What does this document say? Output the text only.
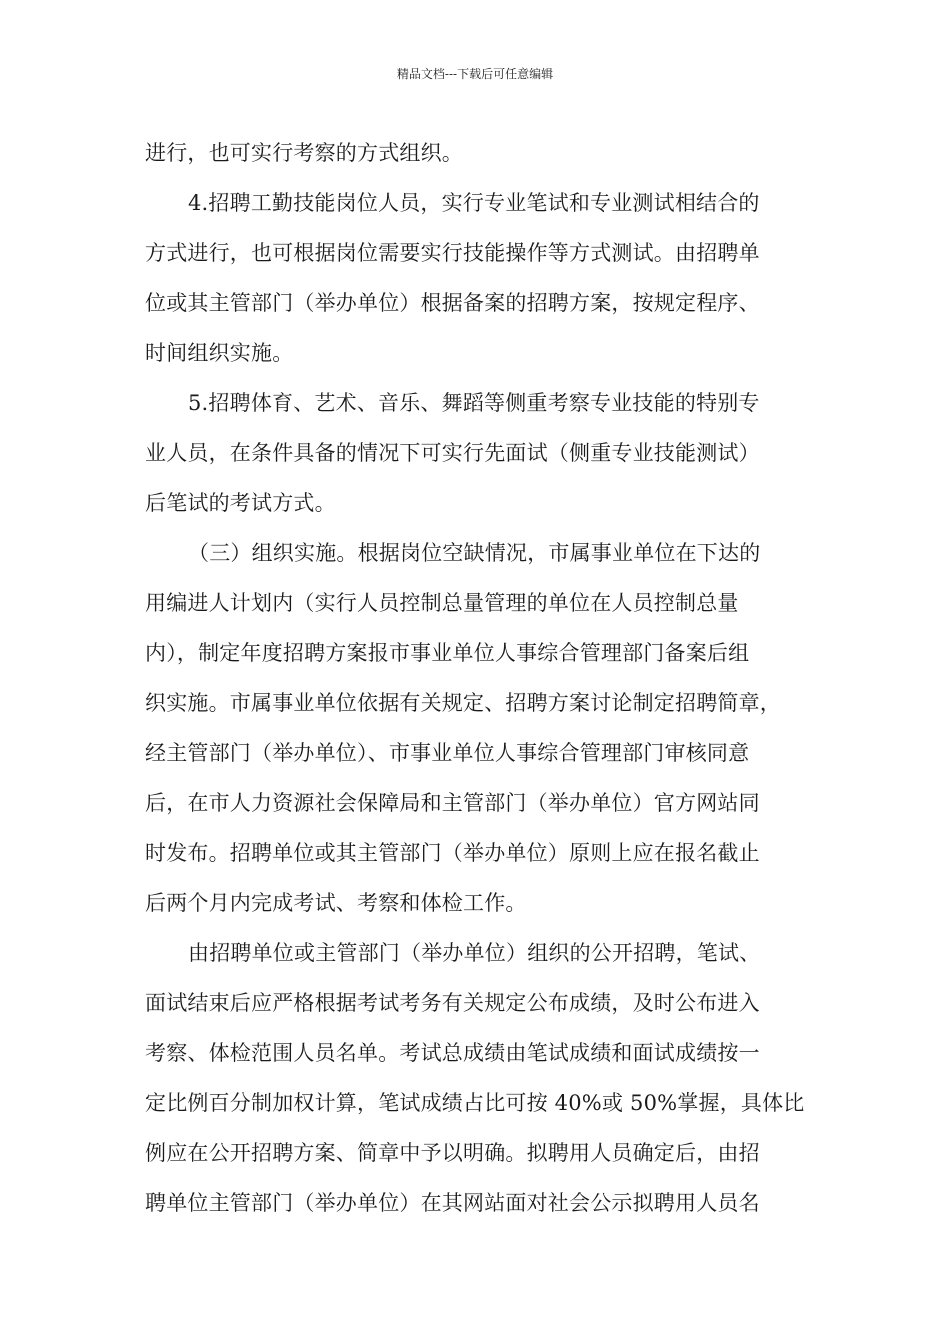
精品文档---下载后可任意编辑
进行，也可实行考察的方式组织。
4.招聘工勤技能岗位人员，实行专业笔试和专业测试相结合的
方式进行，也可根据岗位需要实行技能操作等方式测试。由招聘单
位或其主管部门（举办单位）根据备案的招聘方案，按规定程序、
时间组织实施。
5.招聘体育、艺术、音乐、舞蹈等侧重考察专业技能的特别专
业人员，在条件具备的情况下可实行先面试（侧重专业技能测试）
后笔试的考试方式。
（三）组织实施。根据岗位空缺情况，市属事业单位在下达的
用编进人计划内（实行人员控制总量管理的单位在人员控制总量
内），制定年度招聘方案报市事业单位人事综合管理部门备案后组
织实施。市属事业单位依据有关规定、招聘方案讨论制定招聘简章，
经主管部门（举办单位）、市事业单位人事综合管理部门审核同意
后，在市人力资源社会保障局和主管部门（举办单位）官方网站同
时发布。招聘单位或其主管部门（举办单位）原则上应在报名截止
后两个月内完成考试、考察和体检工作。
由招聘单位或主管部门（举办单位）组织的公开招聘，笔试、
面试结束后应严格根据考试考务有关规定公布成绩，及时公布进入
考察、体检范围人员名单。考试总成绩由笔试成绩和面试成绩按一
定比例百分制加权计算，笔试成绩占比可按 40%或 50%掌握，具体比
例应在公开招聘方案、简章中予以明确。拟聘用人员确定后，由招
聘单位主管部门（举办单位）在其网站面对社会公示拟聘用人员名
